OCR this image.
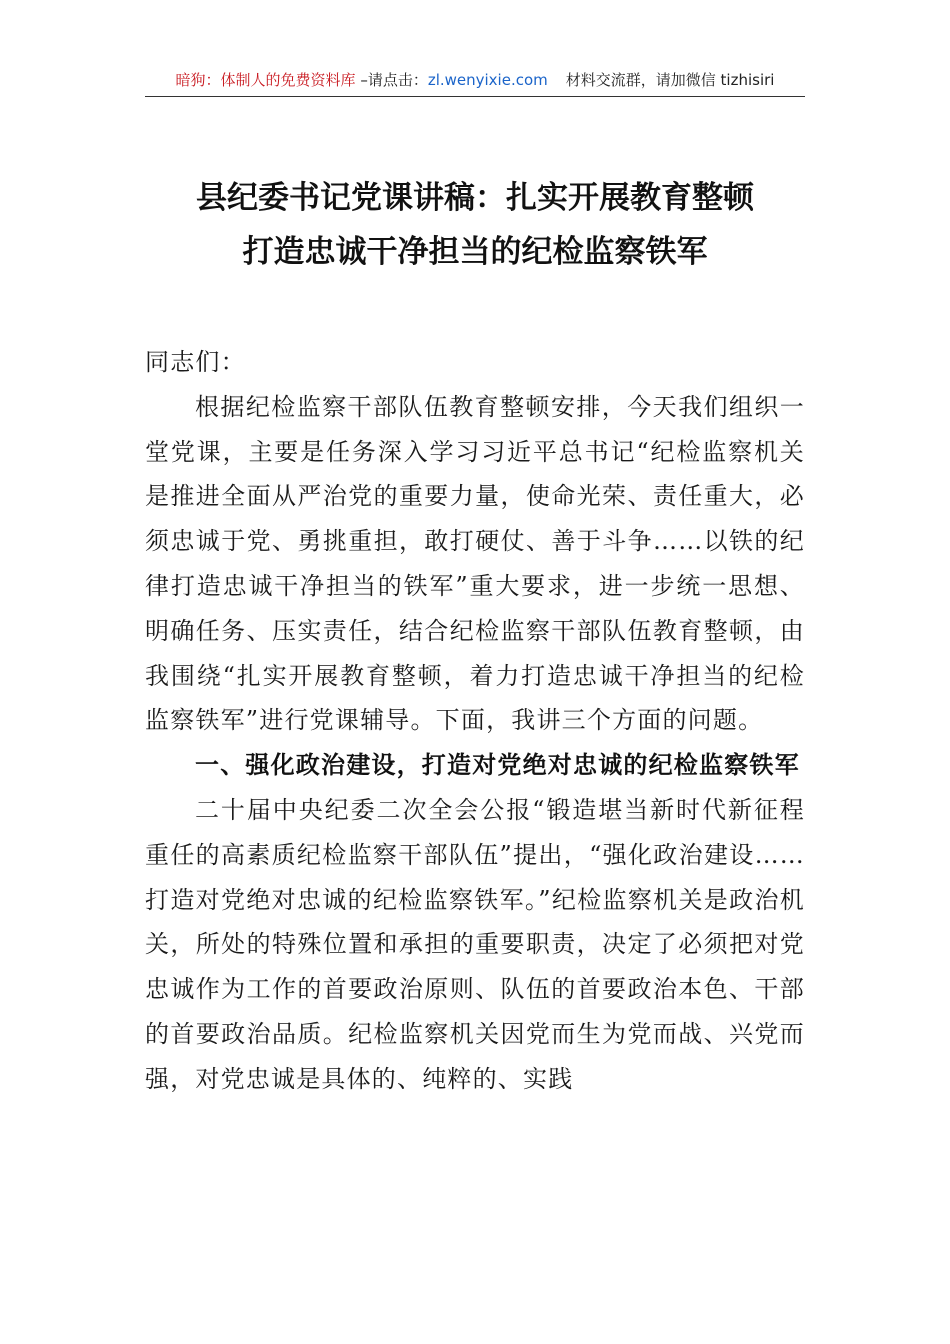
暗狗：体制人的免费资料库 –请点击：zl.wenyixie.com 材料交流群，请加微信 tizhisiri
县纪委书记党课讲稿：扎实开展教育整顿
打造忠诚干净担当的纪检监察铁军

同志们：

根据纪检监察干部队伍教育整顿安排，今天我们组织一堂党课，主要是任务深入学习习近平总书记“纪检监察机关是推进全面从严治党的重要力量，使命光荣、责任重大，必须忠诚于党、勇挑重担，敢打硬仗、善于斗争……以铁的纪律打造忠诚干净担当的铁军”重大要求，进一步统一思想、明确任务、压实责任，结合纪检监察干部队伍教育整顿，由我围绕“扎实开展教育整顿，着力打造忠诚干净担当的纪检监察铁军”进行党课辅导。下面，我讲三个方面的问题。

一、强化政治建设，打造对党绝对忠诚的纪检监察铁军

二十届中央纪委二次全会公报“锻造堪当新时代新征程重任的高素质纪检监察干部队伍”提出，“强化政治建设……打造对党绝对忠诚的纪检监察铁军。”纪检监察机关是政治机关，所处的特殊位置和承担的重要职责，决定了必须把对党忠诚作为工作的首要政治原则、队伍的首要政治本色、干部的首要政治品质。纪检监察机关因党而生为党而战、兴党而强，对党忠诚是具体的、纯粹的、实践
